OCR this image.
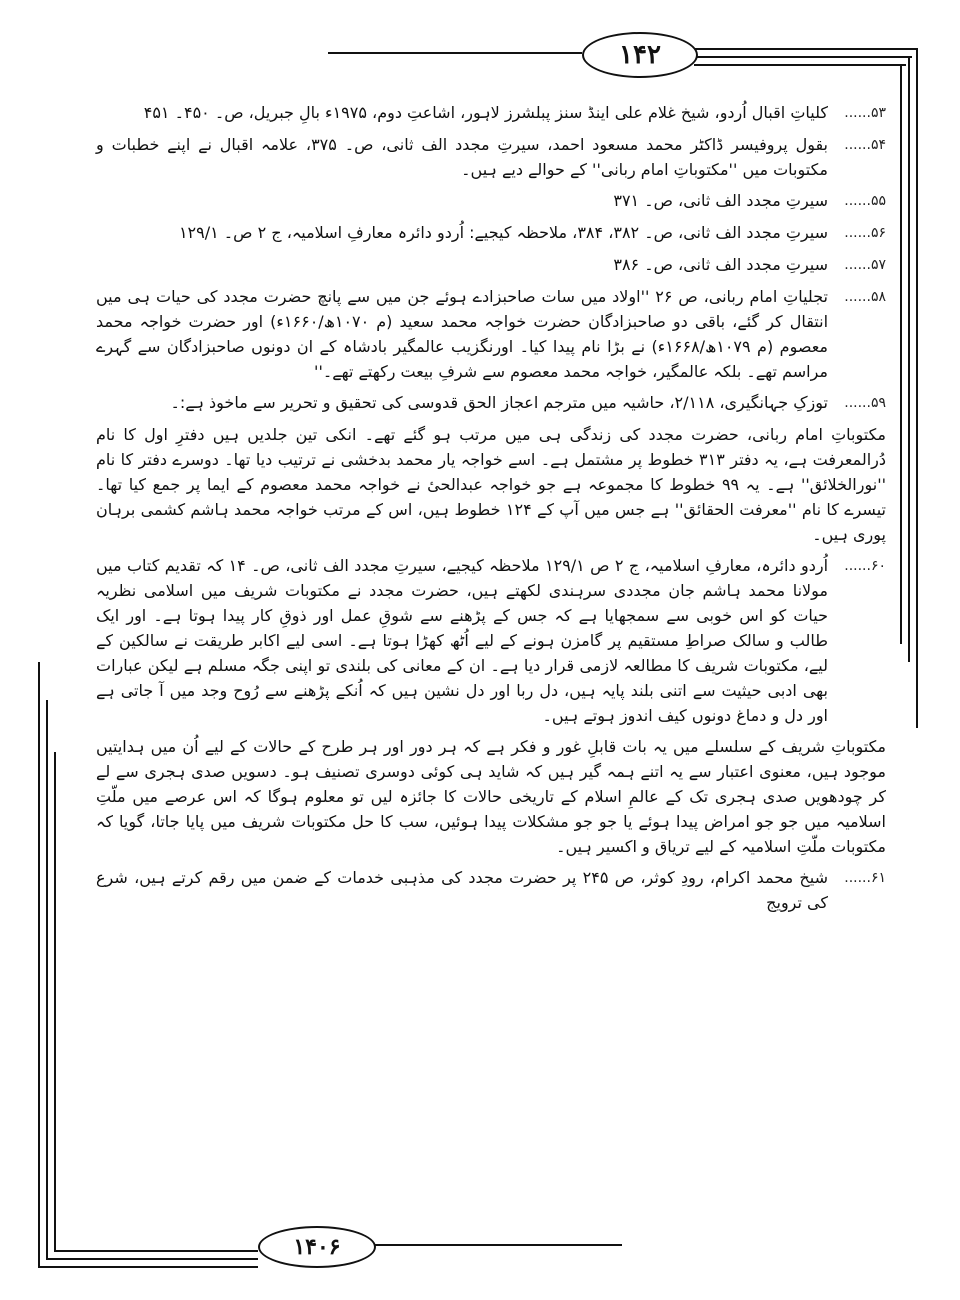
۱۴۲
۱۴۰۶
۵۳......

کلیاتِ اقبال اُردو، شیخ غلام علی اینڈ سنز پبلشرز لاہور، اشاعتِ دوم، ۱۹۷۵ء بالِ جبریل، ص۔ ۴۵۰۔ ۴۵۱

۵۴......

بقول پروفیسر ڈاکٹر محمد مسعود احمد، سیرتِ مجدد الف ثانی، ص۔ ۳۷۵، علامہ اقبال نے اپنے خطبات و مکتوبات میں ''مکتوباتِ امام ربانی'' کے حوالے دیے ہیں۔

۵۵......

سیرتِ مجدد الف ثانی، ص۔ ۳۷۱

۵۶......

سیرتِ مجدد الف ثانی، ص۔ ۳۸۲، ۳۸۴، ملاحظہ کیجیے: اُردو دائرہ معارفِ اسلامیہ، ج ۲ ص۔ ۱۲۹/۱

۵۷......

سیرتِ مجدد الف ثانی، ص۔ ۳۸۶

۵۸......

تجلیاتِ امام ربانی، ص ۲۶ ''اولاد میں سات صاحبزادے ہوئے جن میں سے پانچ حضرت مجدد کی حیات ہی میں انتقال کر گئے، باقی دو صاحبزادگان حضرت خواجہ محمد سعید (م ۱۰۷۰ھ/۱۶۶۰ء) اور حضرت خواجہ محمد معصوم (م ۱۰۷۹ھ/۱۶۶۸ء) نے بڑا نام پیدا کیا۔ اورنگزیب عالمگیر بادشاہ کے ان دونوں صاحبزادگان سے گہرے مراسم تھے۔ بلکہ عالمگیر، خواجہ محمد معصوم سے شرفِ بیعت رکھتے تھے۔''

۵۹......

توزکِ جہانگیری، ۲/۱۱۸، حاشیہ میں مترجم اعجاز الحق قدوسی کی تحقیق و تحریر سے ماخوذ ہے:۔

مکتوباتِ امام ربانی، حضرت مجدد کی زندگی ہی میں مرتب ہو گئے تھے۔ انکی تین جلدیں ہیں دفترِ اول کا نام دُرالمعرفت ہے، یہ دفتر ۳۱۳ خطوط پر مشتمل ہے۔ اسے خواجہ یار محمد بدخشی نے ترتیب دیا تھا۔ دوسرے دفتر کا نام ''نورالخلائق'' ہے۔ یہ ۹۹ خطوط کا مجموعہ ہے جو خواجہ عبدالحیٔ نے خواجہ محمد معصوم کے ایما پر جمع کیا تھا۔ تیسرے کا نام ''معرفت الحقائق'' ہے جس میں آپ کے ۱۲۴ خطوط ہیں، اس کے مرتب خواجہ محمد ہاشم کشمی برہان پوری ہیں۔

۶۰......

اُردو دائرہ، معارفِ اسلامیہ، ج ۲ ص ۱۲۹/۱ ملاحظہ کیجیے، سیرتِ مجدد الف ثانی، ص۔ ۱۴ کہ تقدیم کتاب میں مولانا محمد ہاشم جان مجددی سرہندی لکھتے ہیں، حضرت مجدد نے مکتوبات شریف میں اسلامی نظریہ حیات کو اس خوبی سے سمجھایا ہے کہ جس کے پڑھنے سے شوقِ عمل اور ذوقِ کار پیدا ہوتا ہے۔ اور ایک طالب و سالک صراطِ مستقیم پر گامزن ہونے کے لیے اُٹھ کھڑا ہوتا ہے۔ اسی لیے اکابر طریقت نے سالکین کے لیے، مکتوبات شریف کا مطالعہ لازمی قرار دیا ہے۔ ان کے معانی کی بلندی تو اپنی جگہ مسلم ہے لیکن عبارات بھی ادبی حیثیت سے اتنی بلند پایہ ہیں، دل ربا اور دل نشین ہیں کہ اُنکے پڑھنے سے رُوح وجد میں آ جاتی ہے اور دل و دماغ دونوں کیف اندوز ہوتے ہیں۔

مکتوباتِ شریف کے سلسلے میں یہ بات قابلِ غور و فکر ہے کہ ہر دور اور ہر طرح کے حالات کے لیے اُن میں ہدایتیں موجود ہیں، معنوی اعتبار سے یہ اتنے ہمہ گیر ہیں کہ شاید ہی کوئی دوسری تصنیف ہو۔ دسویں صدی ہجری سے لے کر چودھویں صدی ہجری تک کے عالمِ اسلام کے تاریخی حالات کا جائزہ لیں تو معلوم ہوگا کہ اس عرصے میں ملّتِ اسلامیہ میں جو جو امراض پیدا ہوئے یا جو جو مشکلات پیدا ہوئیں، سب کا حل مکتوبات شریف میں پایا جاتا، گویا کہ مکتوبات ملّتِ اسلامیہ کے لیے تریاق و اکسیر ہیں۔

۶۱......

شیخ محمد اکرام، رودِ کوثر، ص ۲۴۵ پر حضرت مجدد کی مذہبی خدمات کے ضمن میں رقم کرتے ہیں، شرع کی ترویج
